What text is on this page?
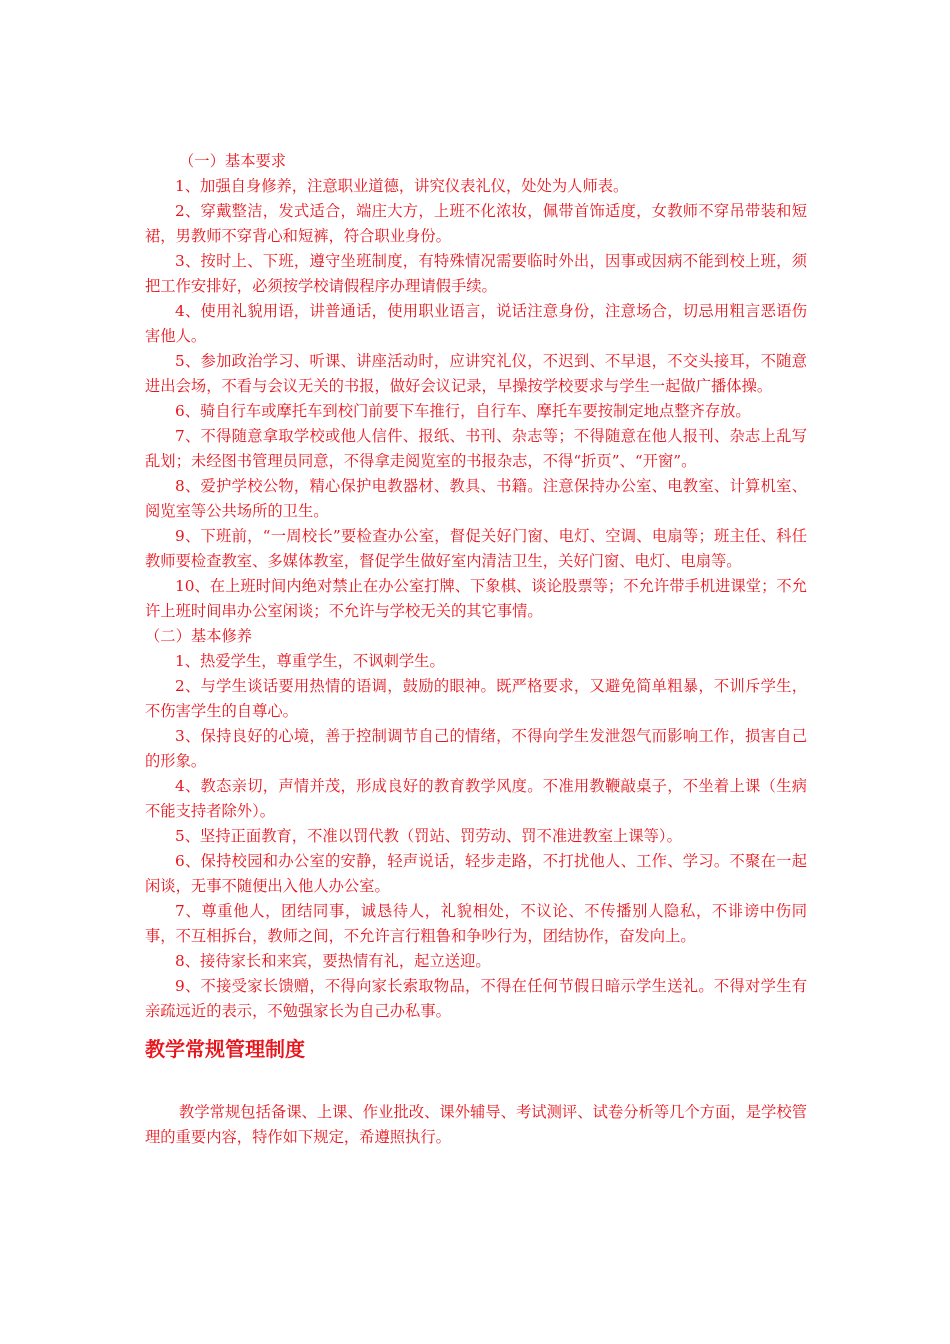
（一）基本要求

1、加强自身修养，注意职业道德，讲究仪表礼仪，处处为人师表。

2、穿戴整洁，发式适合，端庄大方，上班不化浓妆，佩带首饰适度，女教师不穿吊带装和短裙，男教师不穿背心和短裤，符合职业身份。

3、按时上、下班，遵守坐班制度，有特殊情况需要临时外出，因事或因病不能到校上班，须把工作安排好，必须按学校请假程序办理请假手续。

4、使用礼貌用语，讲普通话，使用职业语言，说话注意身份，注意场合，切忌用粗言恶语伤害他人。

5、参加政治学习、听课、讲座活动时，应讲究礼仪，不迟到、不早退，不交头接耳，不随意进出会场，不看与会议无关的书报，做好会议记录，早操按学校要求与学生一起做广播体操。

6、骑自行车或摩托车到校门前要下车推行，自行车、摩托车要按制定地点整齐存放。

7、不得随意拿取学校或他人信件、报纸、书刊、杂志等；不得随意在他人报刊、杂志上乱写乱划；未经图书管理员同意，不得拿走阅览室的书报杂志，不得“折页”、“开窗”。

8、爱护学校公物，精心保护电教器材、教具、书籍。注意保持办公室、电教室、计算机室、阅览室等公共场所的卫生。

9、下班前，“一周校长”要检查办公室，督促关好门窗、电灯、空调、电扇等；班主任、科任教师要检查教室、多媒体教室，督促学生做好室内清洁卫生，关好门窗、电灯、电扇等。

10、在上班时间内绝对禁止在办公室打牌、下象棋、谈论股票等；不允许带手机进课堂；不允许上班时间串办公室闲谈；不允许与学校无关的其它事情。

（二）基本修养

1、热爱学生，尊重学生，不讽刺学生。

2、与学生谈话要用热情的语调，鼓励的眼神。既严格要求，又避免简单粗暴，不训斥学生，不伤害学生的自尊心。

3、保持良好的心境，善于控制调节自己的情绪，不得向学生发泄怨气而影响工作，损害自己的形象。

4、教态亲切，声情并茂，形成良好的教育教学风度。不准用教鞭敲桌子，不坐着上课（生病不能支持者除外）。

5、坚持正面教育，不准以罚代教（罚站、罚劳动、罚不准进教室上课等）。

6、保持校园和办公室的安静，轻声说话，轻步走路，不打扰他人、工作、学习。不聚在一起闲谈，无事不随便出入他人办公室。

7、尊重他人，团结同事，诚恳待人，礼貌相处，不议论、不传播别人隐私，不诽谤中伤同事，不互相拆台，教师之间，不允许言行粗鲁和争吵行为，团结协作，奋发向上。

8、接待家长和来宾，要热情有礼，起立送迎。

9、不接受家长馈赠，不得向家长索取物品，不得在任何节假日暗示学生送礼。不得对学生有亲疏远近的表示，不勉强家长为自己办私事。

教学常规管理制度

教学常规包括备课、上课、作业批改、课外辅导、考试测评、试卷分析等几个方面，是学校管理的重要内容，特作如下规定，希遵照执行。
